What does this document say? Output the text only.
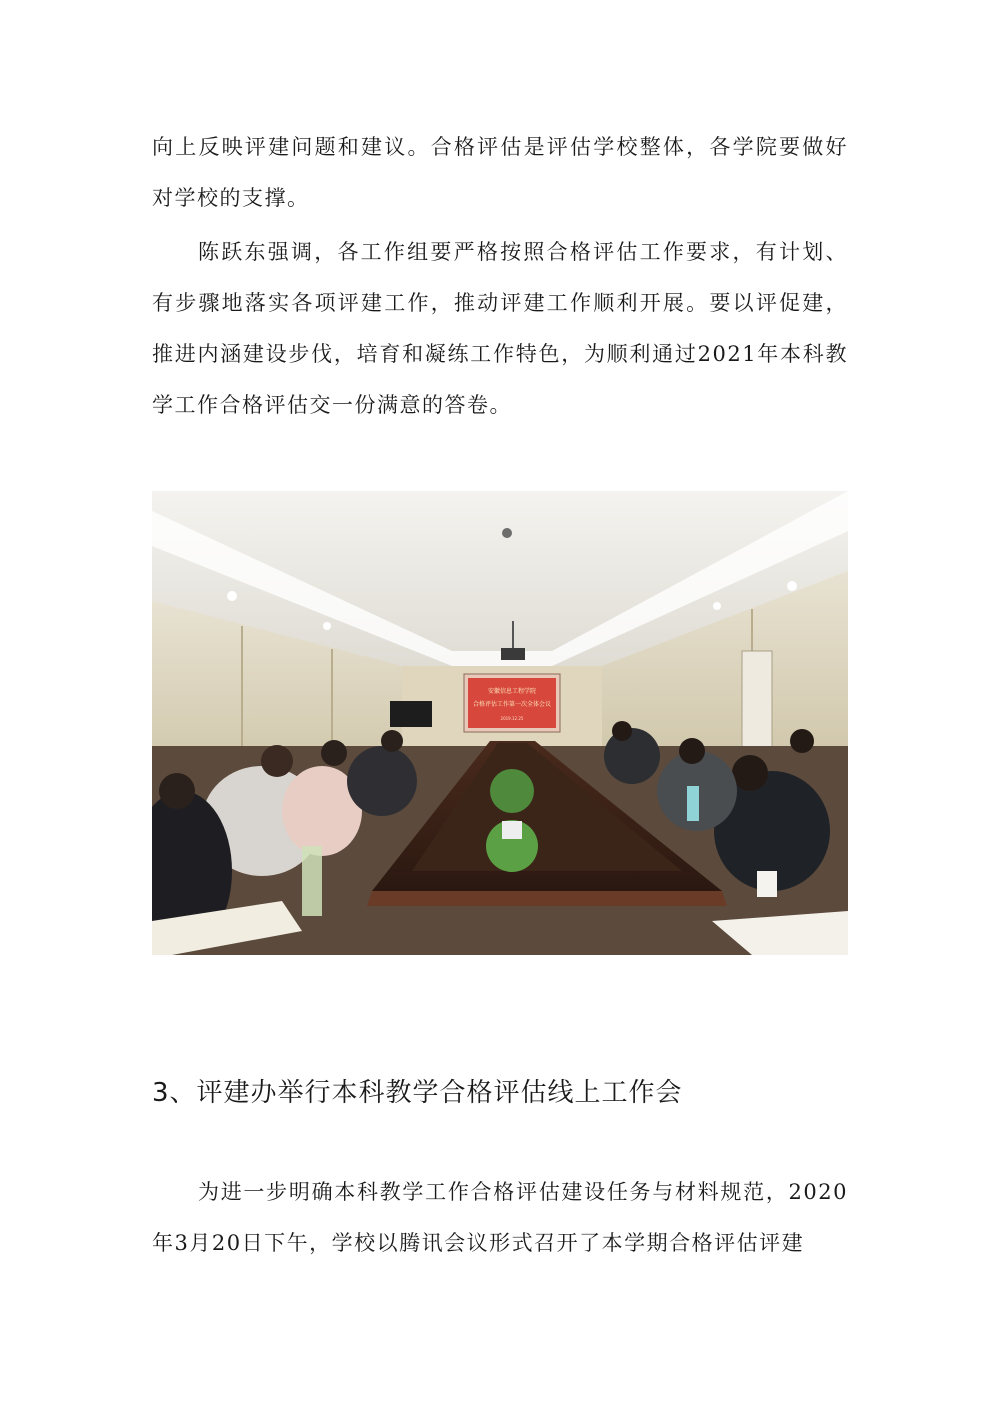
向上反映评建问题和建议。合格评估是评估学校整体，各学院要做好对学校的支撑。

陈跃东强调，各工作组要严格按照合格评估工作要求，有计划、有步骤地落实各项评建工作，推动评建工作顺利开展。要以评促建，推进内涵建设步伐，培育和凝练工作特色，为顺利通过2021年本科教学工作合格评估交一份满意的答卷。

安徽信息工程学院
合格评估工作第一次全体会议
2019.12.25
3、评建办举行本科教学合格评估线上工作会

为进一步明确本科教学工作合格评估建设任务与材料规范，2020年3月20日下午，学校以腾讯会议形式召开了本学期合格评估评建
